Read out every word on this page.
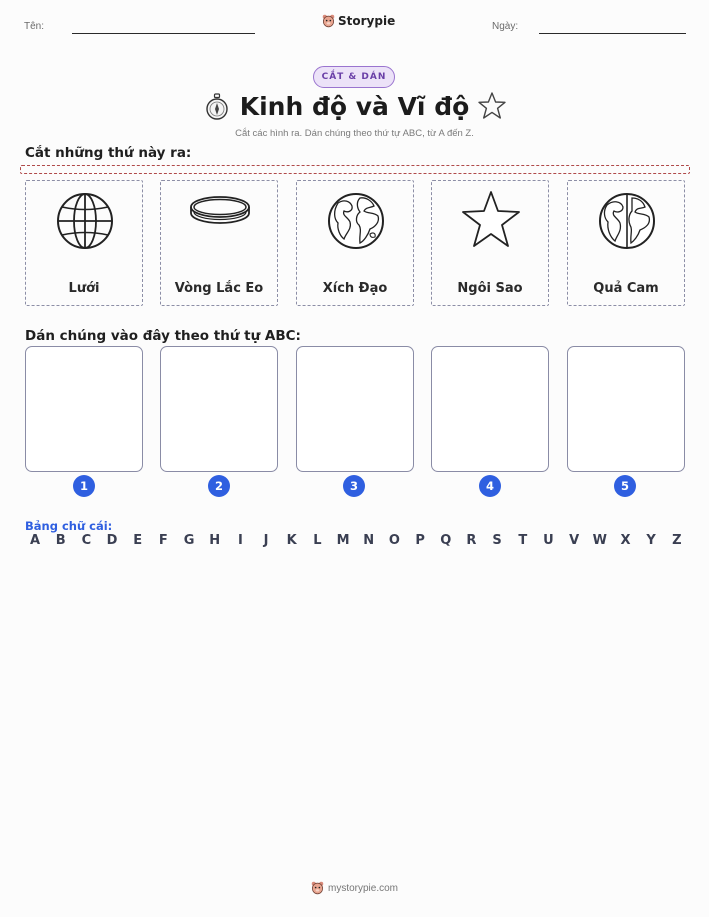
Tên:	Storypie	Ngày:
CẮT & DÁN
Kinh độ và Vĩ độ
Cắt các hình ra. Dán chúng theo thứ tự ABC, từ A đến Z.
Cắt những thứ này ra:
Lưới	Vòng Lắc Eo	Xích Đạo	Ngôi Sao	Quả Cam
Dán chúng vào đây theo thứ tự ABC:
1	2	3	4	5
Bảng chữ cái:
A B C D E F G H	I	J	K L M N O P Q R S T U V W X Y Z
mystorypie.com
